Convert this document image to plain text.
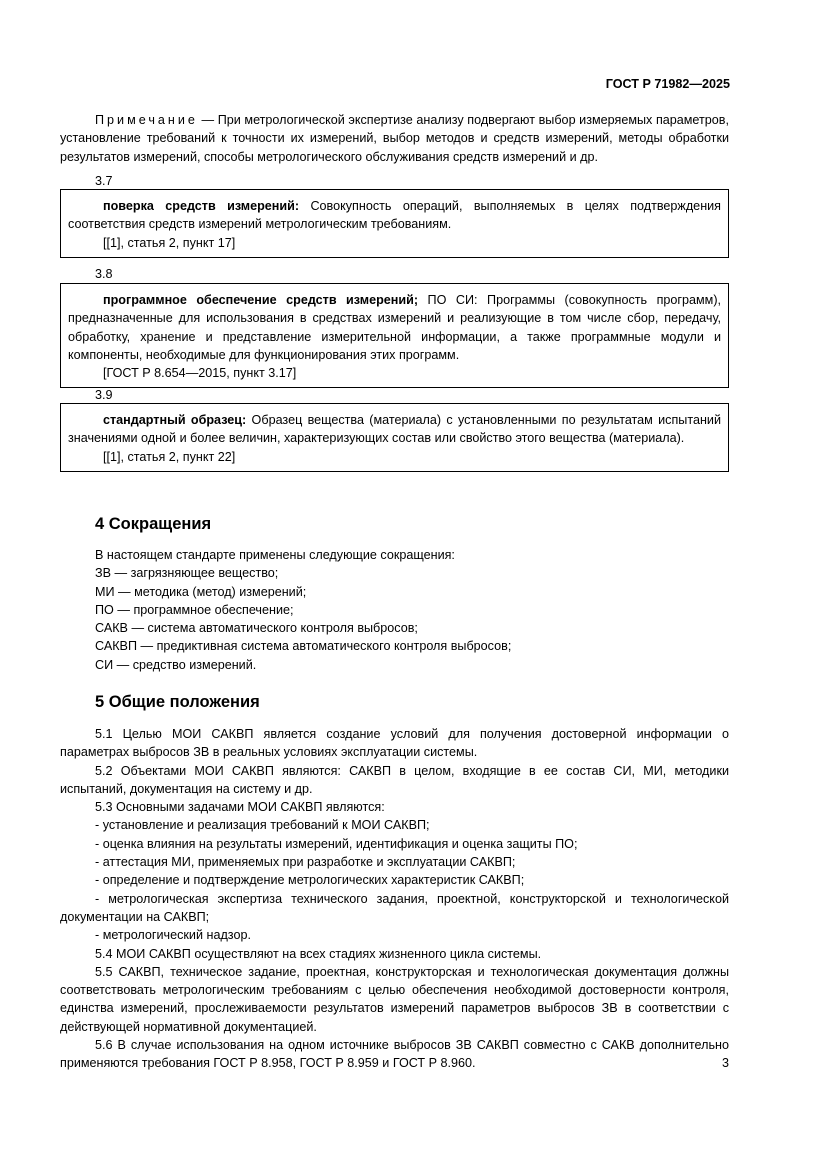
ГОСТ Р 71982—2025

Примечание — При метрологической экспертизе анализу подвергают выбор измеряемых параметров, установление требований к точности их измерений, выбор методов и средств измерений, методы обработки результатов измерений, способы метрологического обслуживания средств измерений и др.

3.7

поверка средств измерений: Совокупность операций, выполняемых в целях подтверждения соответствия средств измерений метрологическим требованиям.

[[1], статья 2, пункт 17]
3.8

программное обеспечение средств измерений; ПО СИ: Программы (совокупность программ), предназначенные для использования в средствах измерений и реализующие в том числе сбор, передачу, обработку, хранение и представление измерительной информации, а также программные модули и компоненты, необходимые для функционирования этих программ.

[ГОСТ Р 8.654—2015, пункт 3.17]
3.9

стандартный образец: Образец вещества (материала) с установленными по результатам испытаний значениями одной и более величин, характеризующих состав или свойство этого вещества (материала).

[[1], статья 2, пункт 22]
4 Сокращения
В настоящем стандарте применены следующие сокращения:
ЗВ — загрязняющее вещество;
МИ — методика (метод) измерений;
ПО — программное обеспечение;
САКВ — система автоматического контроля выбросов;
САКВП — предиктивная система автоматического контроля выбросов;
СИ — средство измерений.
5 Общие положения

5.1 Целью МОИ САКВП является создание условий для получения достоверной информации о параметрах выбросов ЗВ в реальных условиях эксплуатации системы.

5.2 Объектами МОИ САКВП являются: САКВП в целом, входящие в ее состав СИ, МИ, методики испытаний, документация на систему и др.

5.3 Основными задачами МОИ САКВП являются:

- установление и реализация требований к МОИ САКВП;

- оценка влияния на результаты измерений, идентификация и оценка защиты ПО;

- аттестация МИ, применяемых при разработке и эксплуатации САКВП;

- определение и подтверждение метрологических характеристик САКВП;

- метрологическая экспертиза технического задания, проектной, конструкторской и технологической документации на САКВП;

- метрологический надзор.

5.4 МОИ САКВП осуществляют на всех стадиях жизненного цикла системы.

5.5 САКВП, техническое задание, проектная, конструкторская и технологическая документация должны соответствовать метрологическим требованиям с целью обеспечения необходимой достоверности контроля, единства измерений, прослеживаемости результатов измерений параметров выбросов ЗВ в соответствии с действующей нормативной документацией.

5.6 В случае использования на одном источнике выбросов ЗВ САКВП совместно с САКВ дополнительно применяются требования ГОСТ Р 8.958, ГОСТ Р 8.959 и ГОСТ Р 8.960.	3
